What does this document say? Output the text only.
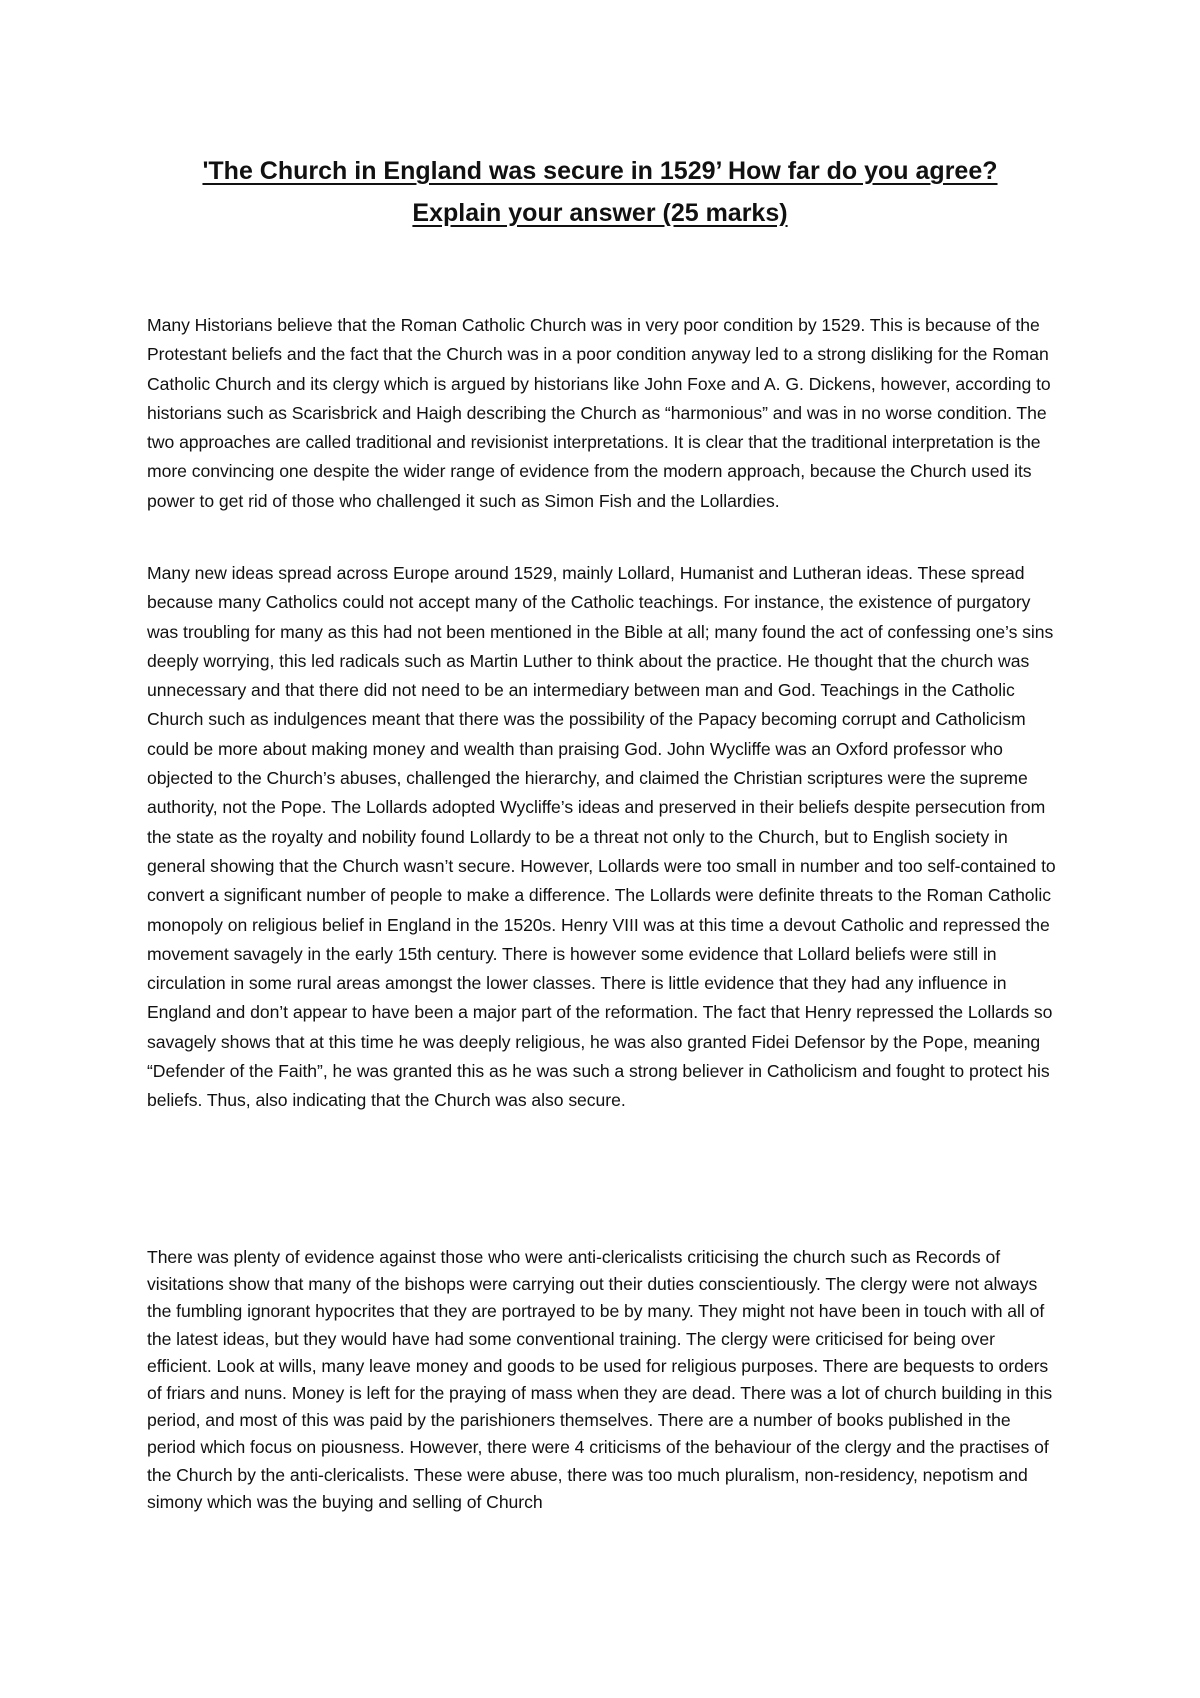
'The Church in England was secure in 1529’ How far do you agree?
Explain your answer (25 marks)

Many Historians believe that the Roman Catholic Church was in very poor condition by 1529. This is because of the Protestant beliefs and the fact that the Church was in a poor condition anyway led to a strong disliking for the Roman Catholic Church and its clergy which is argued by historians like John Foxe and A. G. Dickens, however, according to historians such as Scarisbrick and Haigh describing the Church as “harmonious” and was in no worse condition. The two approaches are called traditional and revisionist interpretations. It is clear that the traditional interpretation is the more convincing one despite the wider range of evidence from the modern approach, because the Church used its power to get rid of those who challenged it such as Simon Fish and the Lollardies.

Many new ideas spread across Europe around 1529, mainly Lollard, Humanist and Lutheran ideas. These spread because many Catholics could not accept many of the Catholic teachings. For instance, the existence of purgatory was troubling for many as this had not been mentioned in the Bible at all; many found the act of confessing one’s sins deeply worrying, this led radicals such as Martin Luther to think about the practice. He thought that the church was unnecessary and that there did not need to be an intermediary between man and God. Teachings in the Catholic Church such as indulgences meant that there was the possibility of the Papacy becoming corrupt and Catholicism could be more about making money and wealth than praising God. John Wycliffe was an Oxford professor who objected to the Church’s abuses, challenged the hierarchy, and claimed the Christian scriptures were the supreme authority, not the Pope. The Lollards adopted Wycliffe’s ideas and preserved in their beliefs despite persecution from the state as the royalty and nobility found Lollardy to be a threat not only to the Church, but to English society in general showing that the Church wasn’t secure. However, Lollards were too small in number and too self-contained to convert a significant number of people to make a difference. The Lollards were definite threats to the Roman Catholic monopoly on religious belief in England in the 1520s. Henry VIII was at this time a devout Catholic and repressed the movement savagely in the early 15th century. There is however some evidence that Lollard beliefs were still in circulation in some rural areas amongst the lower classes. There is little evidence that they had any influence in England and don’t appear to have been a major part of the reformation. The fact that Henry repressed the Lollards so savagely shows that at this time he was deeply religious, he was also granted Fidei Defensor by the Pope, meaning “Defender of the Faith”, he was granted this as he was such a strong believer in Catholicism and fought to protect his beliefs. Thus, also indicating that the Church was also secure.

There was plenty of evidence against those who were anti-clericalists criticising the church such as Records of visitations show that many of the bishops were carrying out their duties conscientiously. The clergy were not always the fumbling ignorant hypocrites that they are portrayed to be by many. They might not have been in touch with all of the latest ideas, but they would have had some conventional training. The clergy were criticised for being over efficient. Look at wills, many leave money and goods to be used for religious purposes. There are bequests to orders of friars and nuns. Money is left for the praying of mass when they are dead. There was a lot of church building in this period, and most of this was paid by the parishioners themselves. There are a number of books published in the period which focus on piousness. However, there were 4 criticisms of the behaviour of the clergy and the practises of the Church by the anti-clericalists. These were abuse, there was too much pluralism, non-residency, nepotism and simony which was the buying and selling of Church
